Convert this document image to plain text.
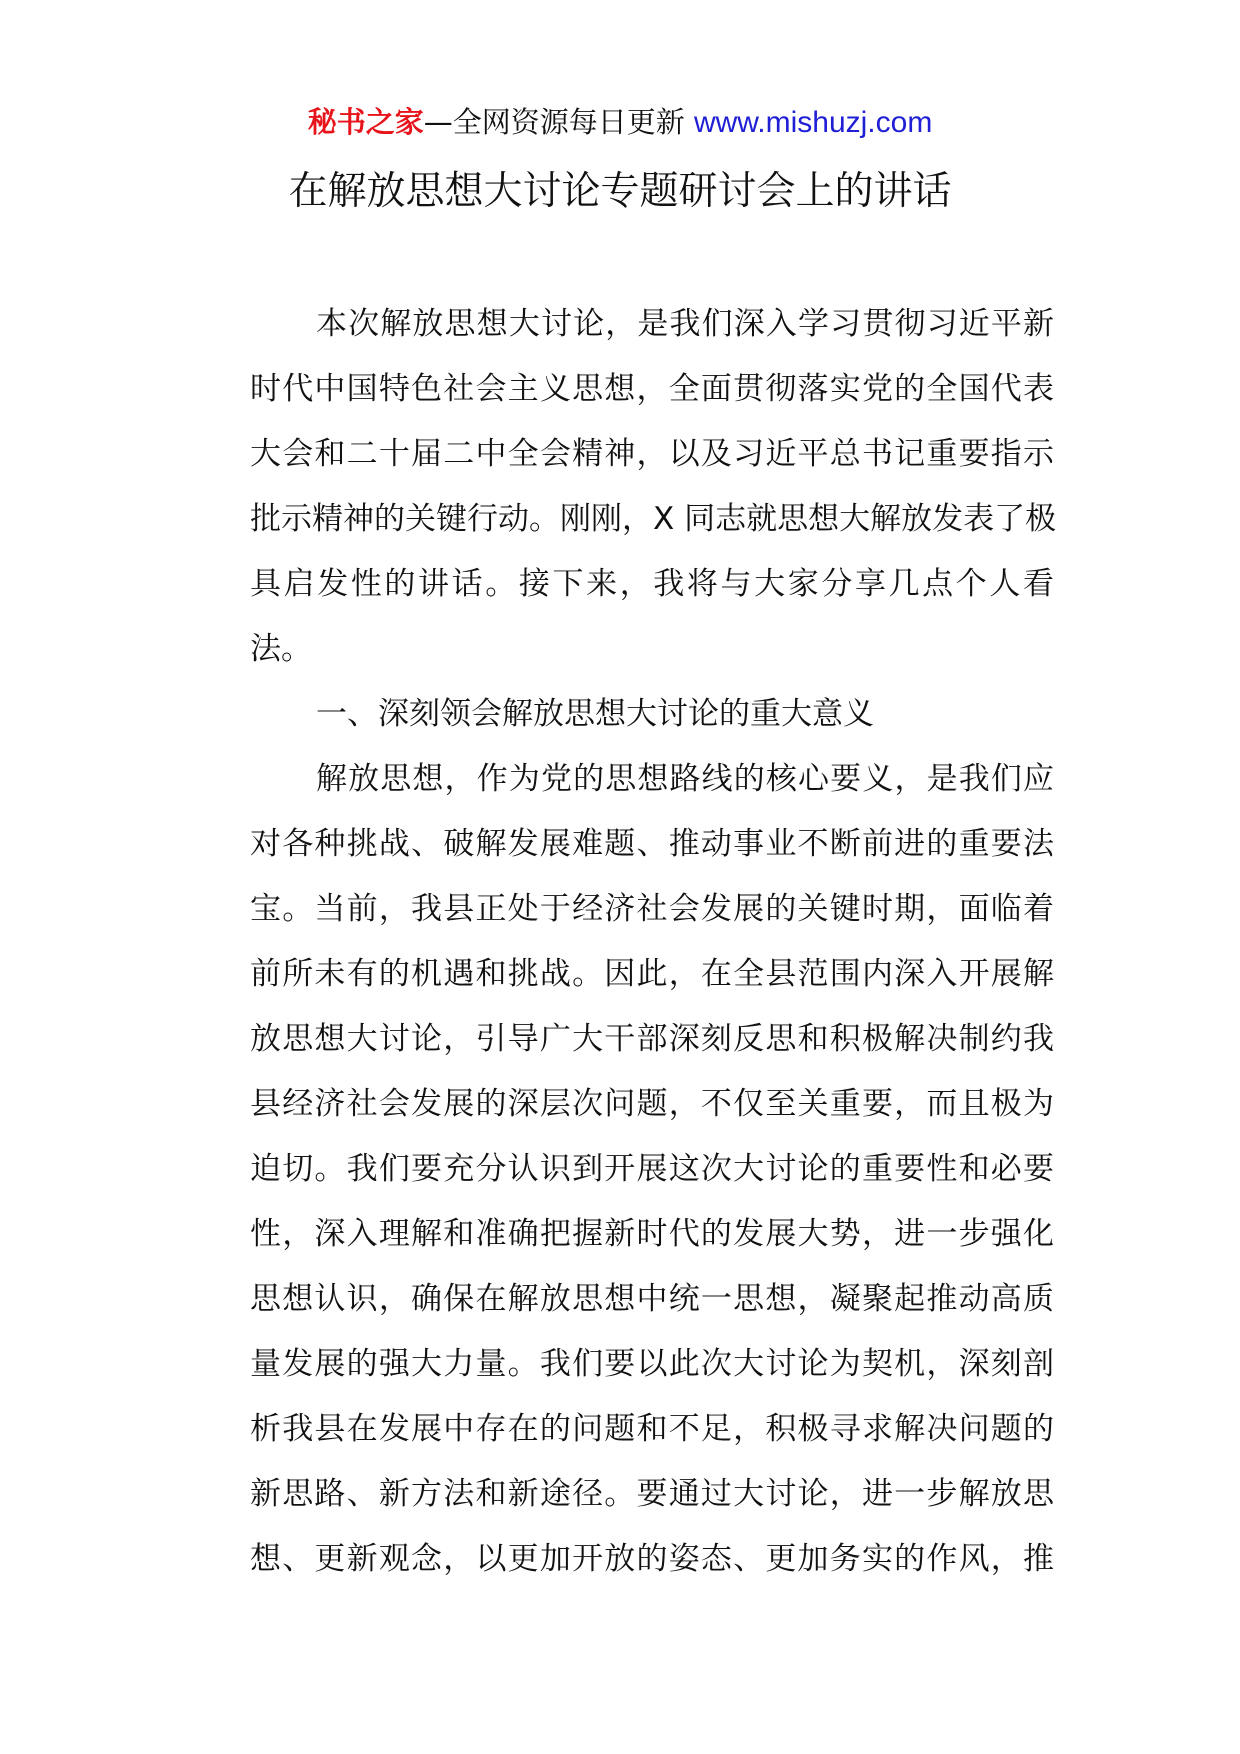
秘书之家—全网资源每日更新 www.mishuzj.com
在解放思想大讨论专题研讨会上的讲话
本次解放思想大讨论，是我们深入学习贯彻习近平新
时代中国特色社会主义思想，全面贯彻落实党的全国代表
大会和二十届二中全会精神，以及习近平总书记重要指示
批示精神的关键行动。刚刚，X 同志就思想大解放发表了极
具启发性的讲话。接下来，我将与大家分享几点个人看
法。
一、深刻领会解放思想大讨论的重大意义
解放思想，作为党的思想路线的核心要义，是我们应
对各种挑战、破解发展难题、推动事业不断前进的重要法
宝。当前，我县正处于经济社会发展的关键时期，面临着
前所未有的机遇和挑战。因此，在全县范围内深入开展解
放思想大讨论，引导广大干部深刻反思和积极解决制约我
县经济社会发展的深层次问题，不仅至关重要，而且极为
迫切。我们要充分认识到开展这次大讨论的重要性和必要
性，深入理解和准确把握新时代的发展大势，进一步强化
思想认识，确保在解放思想中统一思想，凝聚起推动高质
量发展的强大力量。我们要以此次大讨论为契机，深刻剖
析我县在发展中存在的问题和不足，积极寻求解决问题的
新思路、新方法和新途径。要通过大讨论，进一步解放思
想、更新观念，以更加开放的姿态、更加务实的作风，推
